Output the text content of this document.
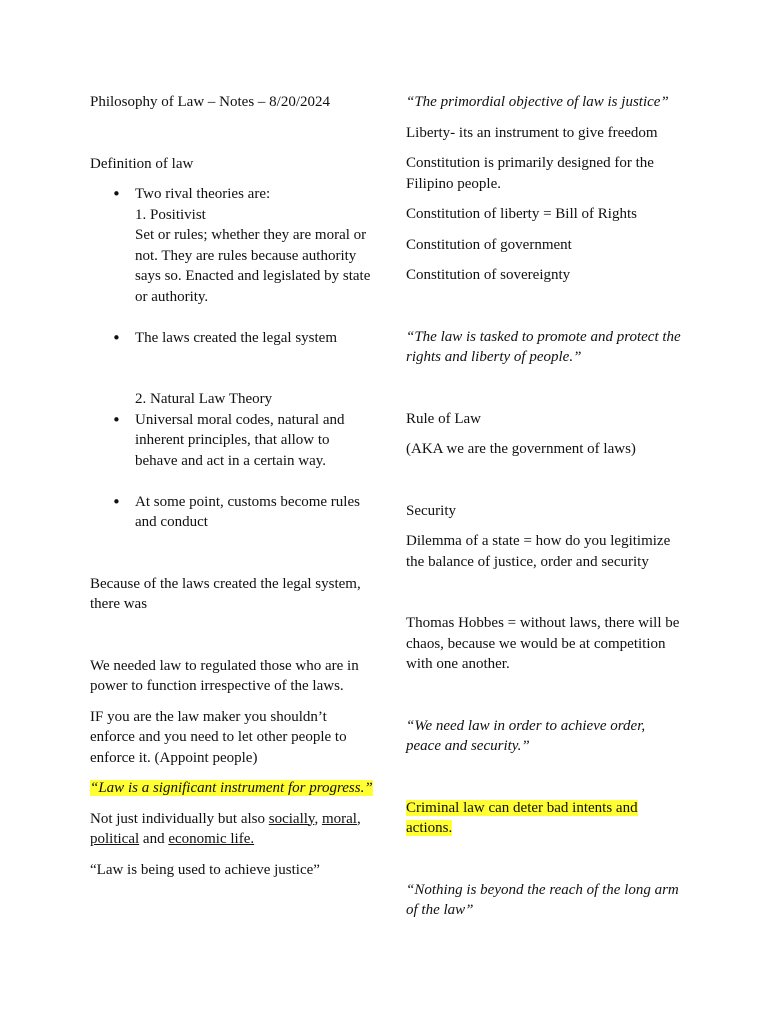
Philosophy of Law – Notes – 8/20/2024

Definition of law

• Two rival theories are:

1. Positivist

Set or rules; whether they are moral or not. They are rules because authority says so. Enacted and legislated by state or authority.

• The laws created the legal system

2. Natural Law Theory

• Universal moral codes, natural and inherent principles, that allow to behave and act in a certain way.

• At some point, customs become rules and conduct

Because of the laws created the legal system, there was

We needed law to regulated those who are in power to function irrespective of the laws.

IF you are the law maker you shouldn’t enforce and you need to let other people to enforce it. (Appoint people)

“Law is a significant instrument for progress.”

Not just individually but also socially, moral, political and economic life.

“Law is being used to achieve justice”

“The primordial objective of law is justice”

Liberty- its an instrument to give freedom

Constitution is primarily designed for the Filipino people.

Constitution of liberty = Bill of Rights

Constitution of government

Constitution of sovereignty

“The law is tasked to promote and protect the rights and liberty of people.”

Rule of Law

(AKA we are the government of laws)

Security

Dilemma of a state = how do you legitimize the balance of justice, order and security

Thomas Hobbes = without laws, there will be chaos, because we would be at competition with one another.

“We need law in order to achieve order, peace and security.”

Criminal law can deter bad intents and actions.

“Nothing is beyond the reach of the long arm of the law”
